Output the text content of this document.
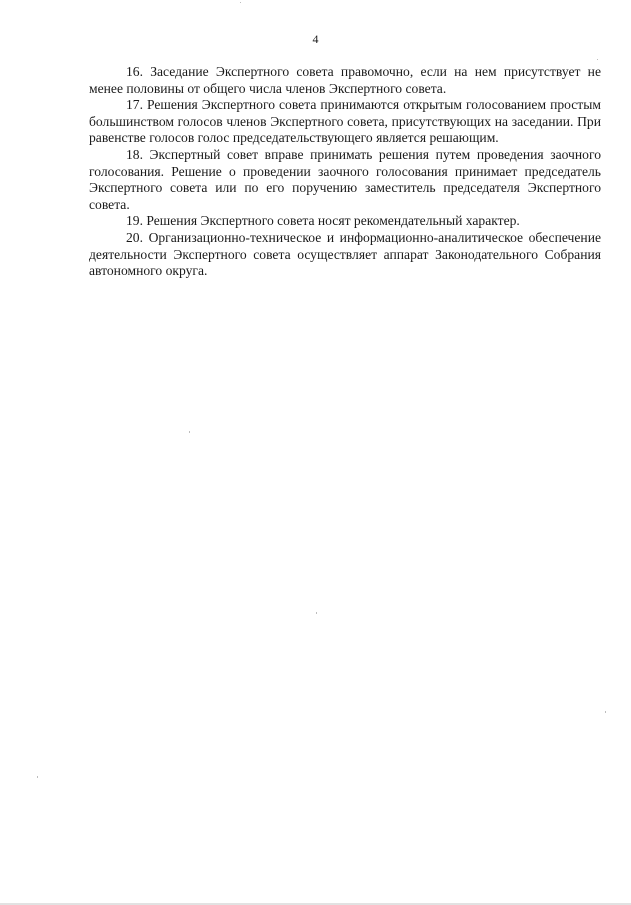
4

16. Заседание Экспертного совета правомочно, если на нем присутствует не менее половины от общего числа членов Экспертного совета.

17. Решения Экспертного совета принимаются открытым голосованием простым большинством голосов членов Экспертного совета, присутствующих на заседании. При равенстве голосов голос председательствующего является решающим.

18. Экспертный совет вправе принимать решения путем проведения заочного голосования. Решение о проведении заочного голосования принимает председатель Экспертного совета или по его поручению заместитель председателя Экспертного совета.

19. Решения Экспертного совета носят рекомендательный характер.

20. Организационно-техническое и информационно-аналитическое обеспечение деятельности Экспертного совета осуществляет аппарат Законодательного Собрания автономного округа.
